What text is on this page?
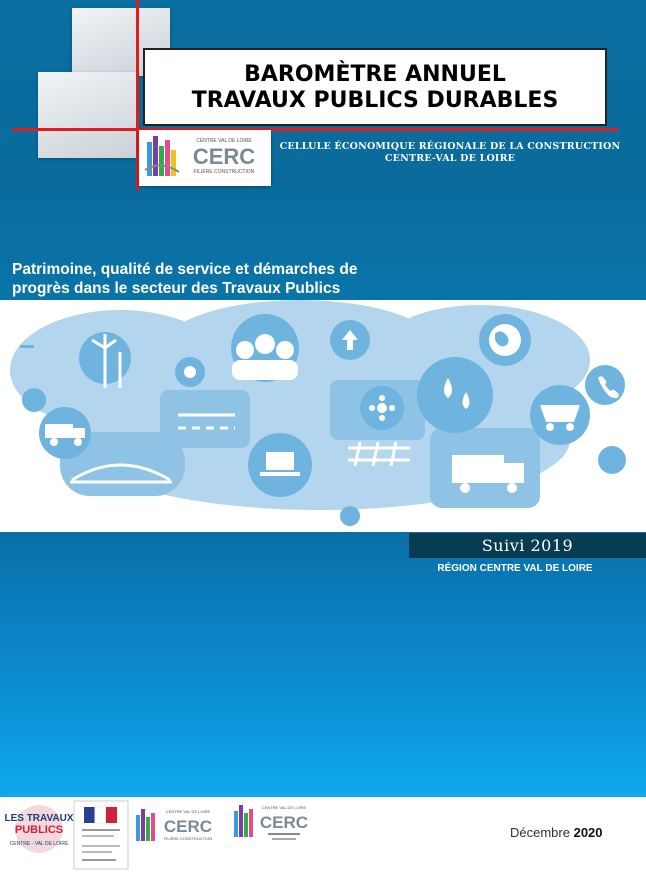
BAROMÈTRE ANNUEL
TRAVAUX PUBLICS DURABLES
CENTRE VAL DE LOIRE
CERC
FILIÈRE CONSTRUCTION
CELLULE ÉCONOMIQUE RÉGIONALE DE LA CONSTRUCTION
CENTRE-VAL DE LOIRE
Patrimoine, qualité de service et démarches de
progrès dans le secteur des Travaux Publics
Suivi 2019
RÉGION CENTRE VAL DE LOIRE
LES TRAVAUX
PUBLICS
CENTRE - VAL DE LOIRE
CENTRE VAL DE LOIRE
CERC
FILIÈRE CONSTRUCTION
CENTRE VAL DE LOIRE
CERC
Décembre 2020
